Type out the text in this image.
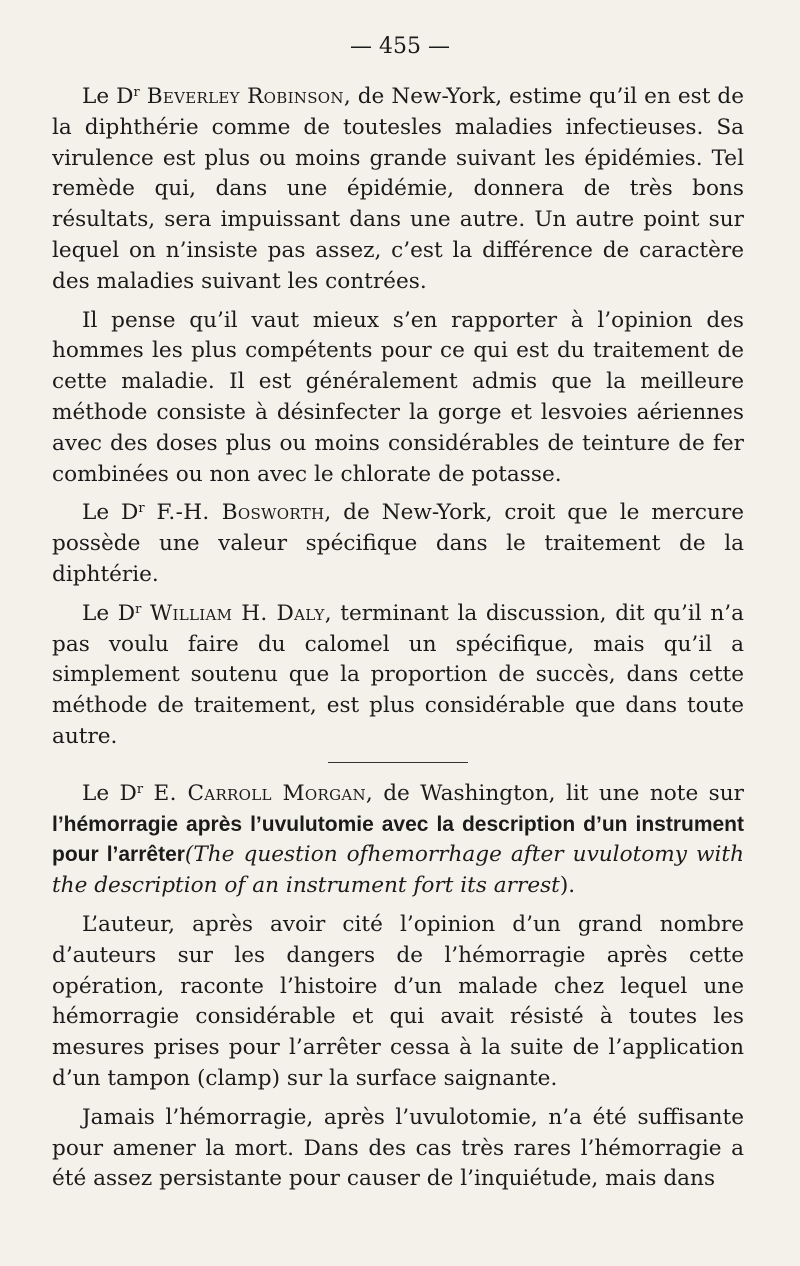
— 455 —

Le $D^r$ Beverley Robinson, de New-York, estime qu’il en est de la diphthérie comme de toutesles maladies infectieuses. Sa virulence est plus ou moins grande suivant les épidémies. Tel remède qui, dans une épidémie, donnera de très bons résultats, sera impuissant dans une autre. Un autre point sur lequel on n’insiste pas assez, c’est la différence de caractère des maladies suivant les contrées.

Il pense qu’il vaut mieux s’en rapporter à l’opinion des hommes les plus compétents pour ce qui est du traitement de cette maladie. Il est généralement admis que la meilleure méthode consiste à désinfecter la gorge et lesvoies aériennes avec des doses plus ou moins considérables de teinture de fer combinées ou non avec le chlorate de potasse.

Le $D^r$ F.-H. Bosworth, de New-York, croit que le mercure possède une valeur spécifique dans le traitement de la diphtérie.

Le $D^r$ William H. Daly, terminant la discussion, dit qu’il n’a pas voulu faire du calomel un spécifique, mais qu’il a simplement soutenu que la proportion de succès, dans cette méthode de traitement, est plus considérable que dans toute autre.

Le $D^r$ E. Carroll Morgan, de Washington, lit une note sur l’hémorragie après l’uvulutomie avec la description d’un instrument pour l’arrêter(The question ofhemorrhage after uvulotomy with the description of an instrument fort its arrest).

L’auteur, après avoir cité l’opinion d’un grand nombre d’auteurs sur les dangers de l’hémorragie après cette opération, raconte l’histoire d’un malade chez lequel une hémorragie considérable et qui avait résisté à toutes les mesures prises pour l’arrêter cessa à la suite de l’application d’un tampon (clamp) sur la surface saignante.

Jamais l’hémorragie, après l’uvulotomie, n’a été suffisante pour amener la mort. Dans des cas très rares l’hémorragie a été assez persistante pour causer de l’inquiétude, mais dans
